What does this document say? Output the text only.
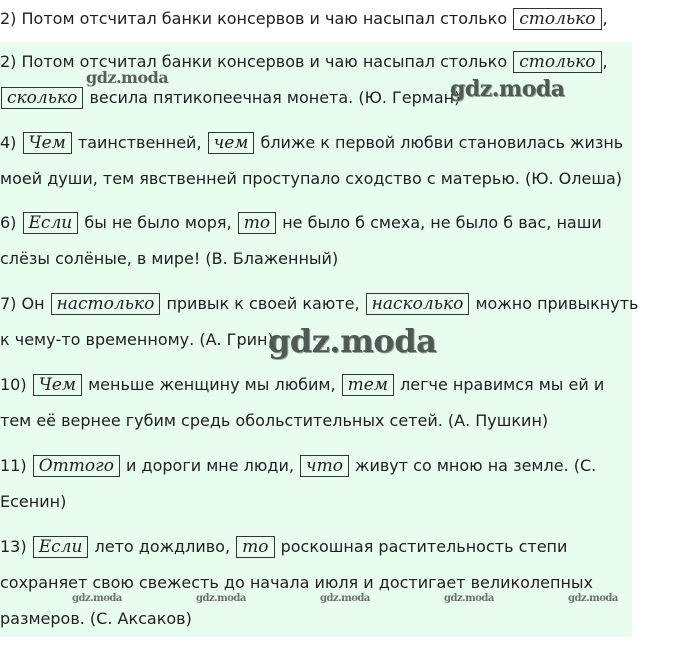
2) Потом отсчитал банки консервов и чаю насыпал столько столько ,
2) Потом отсчитал банки консервов и чаю насыпал столько столько ,
сколько весила пятикопеечная монета. (Ю. Герман)
4) Чем таинственней, чем ближе к первой любви становилась жизнь
моей души, тем явственней проступало сходство с матерью. (Ю. Олеша)
6) Если бы не было моря, то не было б смеха, не было б вас, наши
слёзы солёные, в мире! (В. Блаженный)
7) Он настолько привык к своей каюте, насколько можно привыкнуть
к чему-то временному. (А. Грин)
10) Чем меньше женщину мы любим, тем легче нравимся мы ей и
тем её вернее губим средь обольстительных сетей. (А. Пушкин)
11) Оттого и дороги мне люди, что живут со мною на земле. (С.
Есенин)
13) Если лето дождливо, то роскошная растительность степи
сохраняет свою свежесть до начала июля и достигает великолепных
размеров. (С. Аксаков)
gdz.moda	gdz.moda
gdz.moda
gdz.moda	gdz.moda	gdz.moda	gdz.moda	gdz.moda
